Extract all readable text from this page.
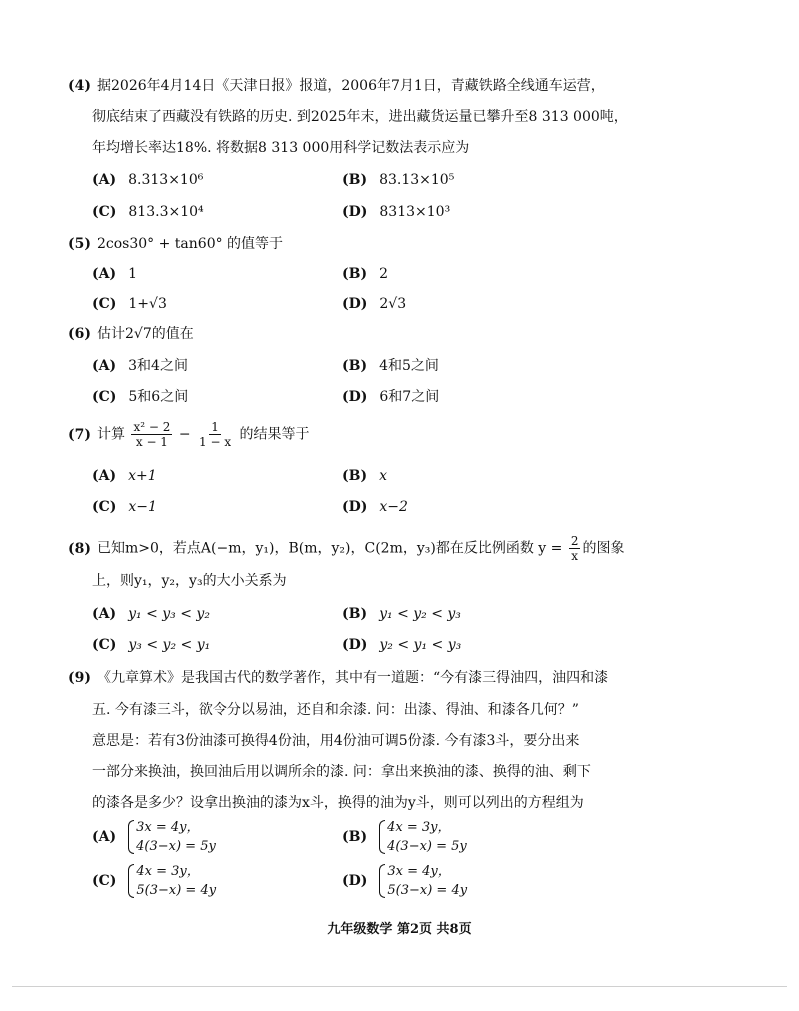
(4) 据2026年4月14日《天津日报》报道，2006年7月1日，青藏铁路全线通车运营，
彻底结束了西藏没有铁路的历史. 到2025年末，进出藏货运量已攀升至8 313 000吨，
年均增长率达18%. 将数据8 313 000用科学记数法表示应为
(A) 8.313×10⁶	(B) 83.13×10⁵
(C) 813.3×10⁴	(D) 8313×10³
(5) 2cos30° + tan60° 的值等于
(A) 1	(B) 2
(C) 1+√3	(D) 2√3
(6) 估计2√7的值在
(A) 3和4之间	(B) 4和5之间
(C) 5和6之间	(D) 6和7之间
(7) 计算 $\frac{\text{x² − 2}}{x - 1} - \frac{1}{1 - x}$ 的结果等于
(A) x+1	(B) x
(C) x−1	(D) x−2
(8) 已知m>0，若点A(−m，y₁)，B(m，y₂)，C(2m，y₃)都在反比例函数 $y = \frac{2}{x}$ 的图象
上，则y₁，y₂，y₃的大小关系为
(A) y₁ < y₃ < y₂	(B) y₁ < y₂ < y₃
(C) y₃ < y₂ < y₁	(D) y₂ < y₁ < y₃
(9) 《九章算术》是我国古代的数学著作，其中有一道题：“今有漆三得油四，油四和漆
五. 今有漆三斗，欲令分以易油，还自和余漆. 问：出漆、得油、和漆各几何？”
意思是：若有3份油漆可换得4份油，用4份油可调5份漆. 今有漆3斗，要分出来
一部分来换油，换回油后用以调所余的漆. 问：拿出来换油的漆、换得的油、剩下
的漆各是多少？设拿出换油的漆为x斗，换得的油为y斗，则可以列出的方程组为
(A)
3x = 4y，
4(3−x) = 5y
(B)
4x = 3y，
4(3−x) = 5y
(C)
4x = 3y，
5(3−x) = 4y
(D)
3x = 4y，
5(3−x) = 4y
九年级数学 第2页 共8页
